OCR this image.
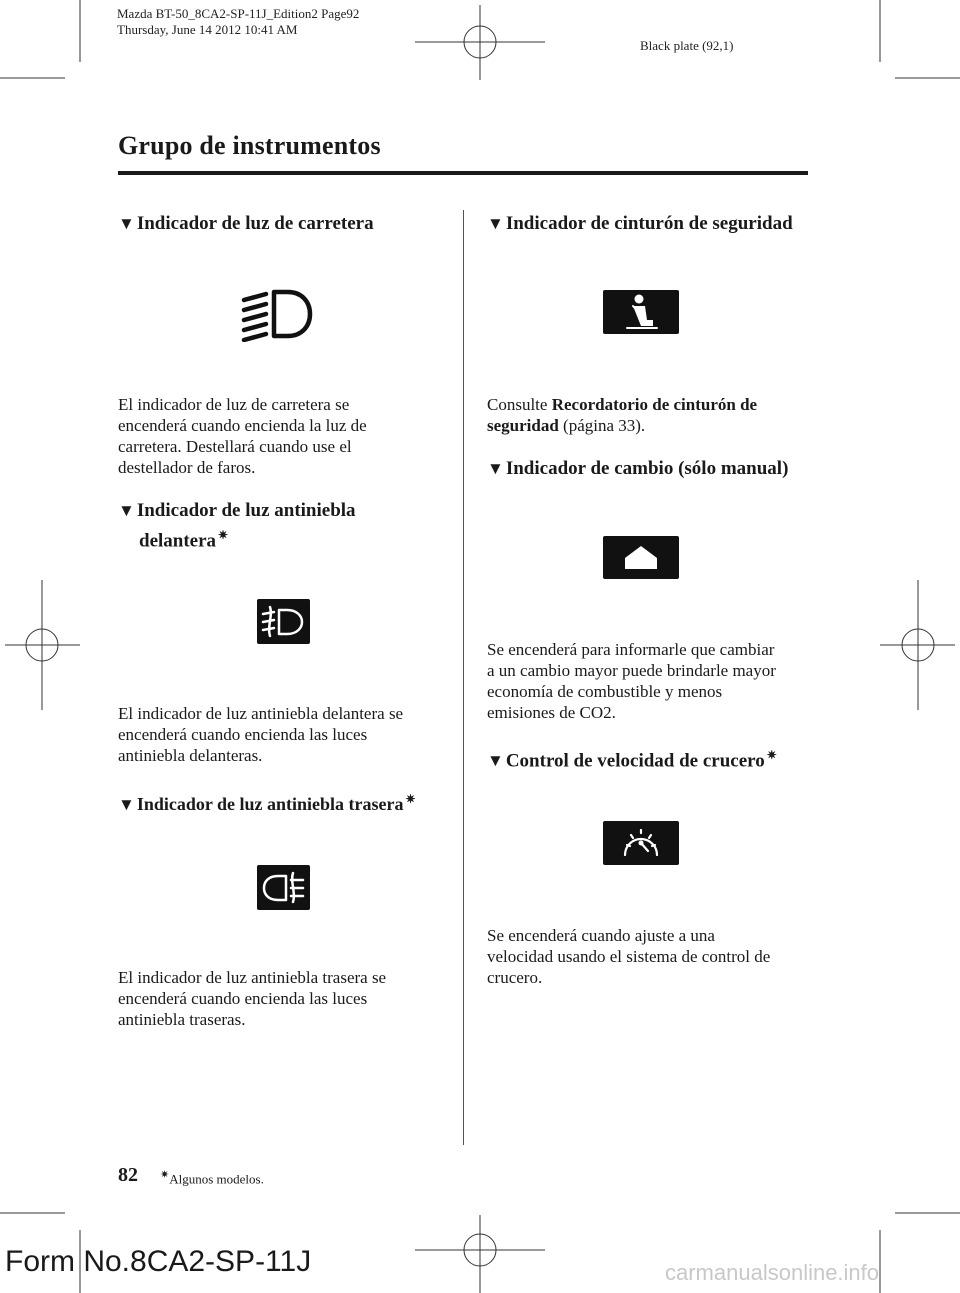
Mazda BT-50_8CA2-SP-11J_Edition2 Page92
Thursday, June 14 2012 10:41 AM
Black plate (92,1)
Grupo de instrumentos
▼ Indicador de luz de carretera
El indicador de luz de carretera se
encenderá cuando encienda la luz de
carretera. Destellará cuando use el
destellador de faros.
▼ Indicador de luz antiniebla
delantera ✷
El indicador de luz antiniebla delantera se
encenderá cuando encienda las luces
antiniebla delanteras.
▼ Indicador de luz antiniebla trasera ✷
El indicador de luz antiniebla trasera se
encenderá cuando encienda las luces
antiniebla traseras.
▼ Indicador de cinturón de seguridad
Consulte Recordatorio de cinturón de
seguridad (página 33).
▼ Indicador de cambio (sólo manual)
Se encenderá para informarle que cambiar
a un cambio mayor puede brindarle mayor
economía de combustible y menos
emisiones de CO2.
▼ Control de velocidad de crucero ✷
Se encenderá cuando ajuste a una
velocidad usando el sistema de control de
crucero.
82 ✷Algunos modelos.
Form No.8CA2-SP-11J	carmanualsonline.info
